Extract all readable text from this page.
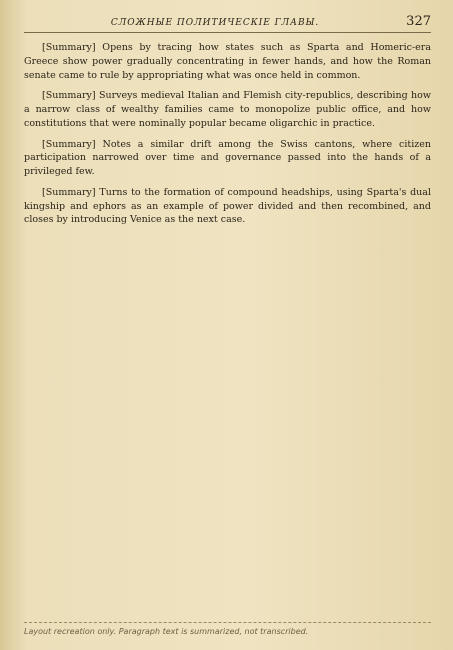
СЛОЖНЫЕ ПОЛИТИЧЕСКІЕ ГЛАВЫ.	327

[Summary] Opens by tracing how states such as Sparta and Homeric-era Greece show power gradually concentrating in fewer hands, and how the Roman senate came to rule by appropriating what was once held in common.

[Summary] Surveys medieval Italian and Flemish city-republics, describing how a narrow class of wealthy families came to monopolize public office, and how constitutions that were nominally popular became oligarchic in practice.

[Summary] Notes a similar drift among the Swiss cantons, where citizen participation narrowed over time and governance passed into the hands of a privileged few.

[Summary] Turns to the formation of compound headships, using Sparta's dual kingship and ephors as an example of power divided and then recombined, and closes by introducing Venice as the next case.

Layout recreation only. Paragraph text is summarized, not transcribed.
